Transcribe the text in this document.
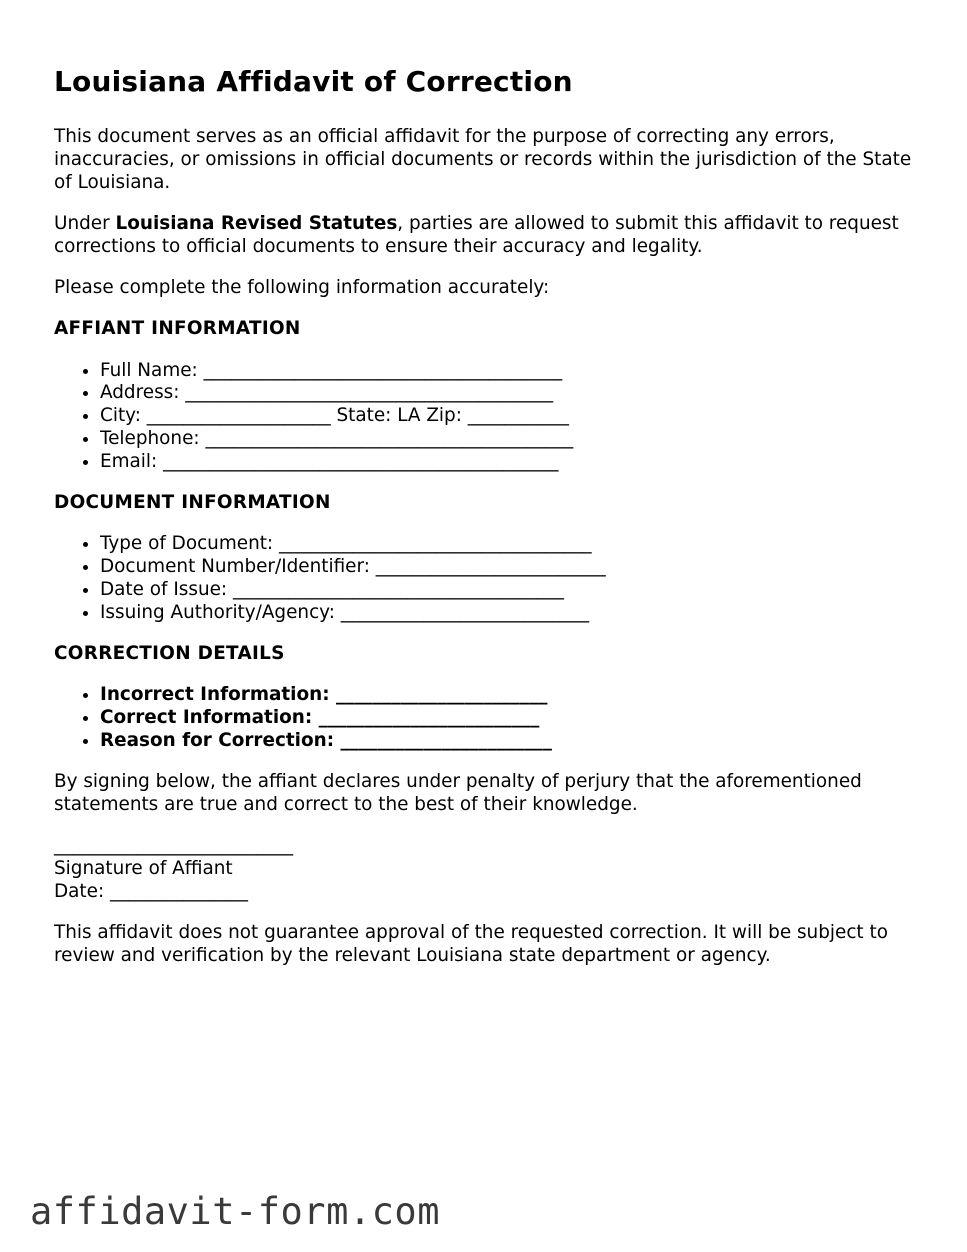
Louisiana Affidavit of Correction

This document serves as an official affidavit for the purpose of correcting any errors, inaccuracies, or omissions in official documents or records within the jurisdiction of the State of Louisiana.

Under Louisiana Revised Statutes, parties are allowed to submit this affidavit to request corrections to official documents to ensure their accuracy and legality.

Please complete the following information accurately:

AFFIANT INFORMATION
• Full Name: _______________________________________
• Address: ________________________________________
• City: ____________________ State: LA Zip: ___________
• Telephone: ________________________________________
• Email: ___________________________________________
DOCUMENT INFORMATION
• Type of Document: __________________________________
• Document Number/Identifier: _________________________
• Date of Issue: ____________________________________
• Issuing Authority/Agency: ___________________________
CORRECTION DETAILS
• Incorrect Information: _______________________
• Correct Information: ________________________
• Reason for Correction: _______________________

By signing below, the affiant declares under penalty of perjury that the aforementioned statements are true and correct to the best of their knowledge.

__________________________
Signature of Affiant

Date: _______________

This affidavit does not guarantee approval of the requested correction. It will be subject to review and verification by the relevant Louisiana state department or agency.

affidavit-form.com
